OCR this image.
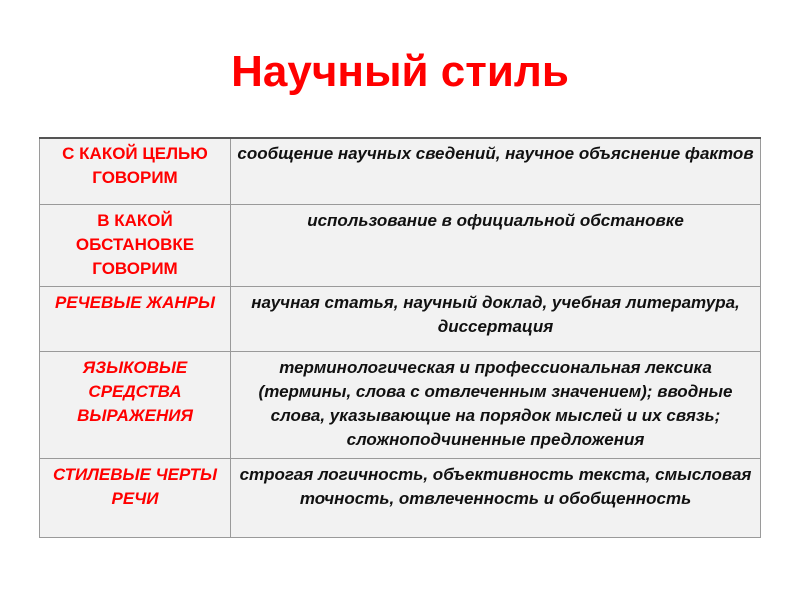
Научный стиль
С КАКОЙ ЦЕЛЬЮ ГОВОРИМ	сообщение научных сведений, научное объяснение фактов
В КАКОЙ ОБСТАНОВКЕ ГОВОРИМ	использование в официальной обстановке
РЕЧЕВЫЕ ЖАНРЫ	научная статья, научный доклад, учебная литература, диссертация
ЯЗЫКОВЫЕ СРЕДСТВА ВЫРАЖЕНИЯ	терминологическая и профессиональная лексика (термины, слова с отвлеченным значением); вводные слова, указывающие на порядок мыслей и их связь; сложноподчиненные предложения
СТИЛЕВЫЕ ЧЕРТЫ РЕЧИ	строгая логичность, объективность текста, смысловая точность, отвлеченность и обобщенность
